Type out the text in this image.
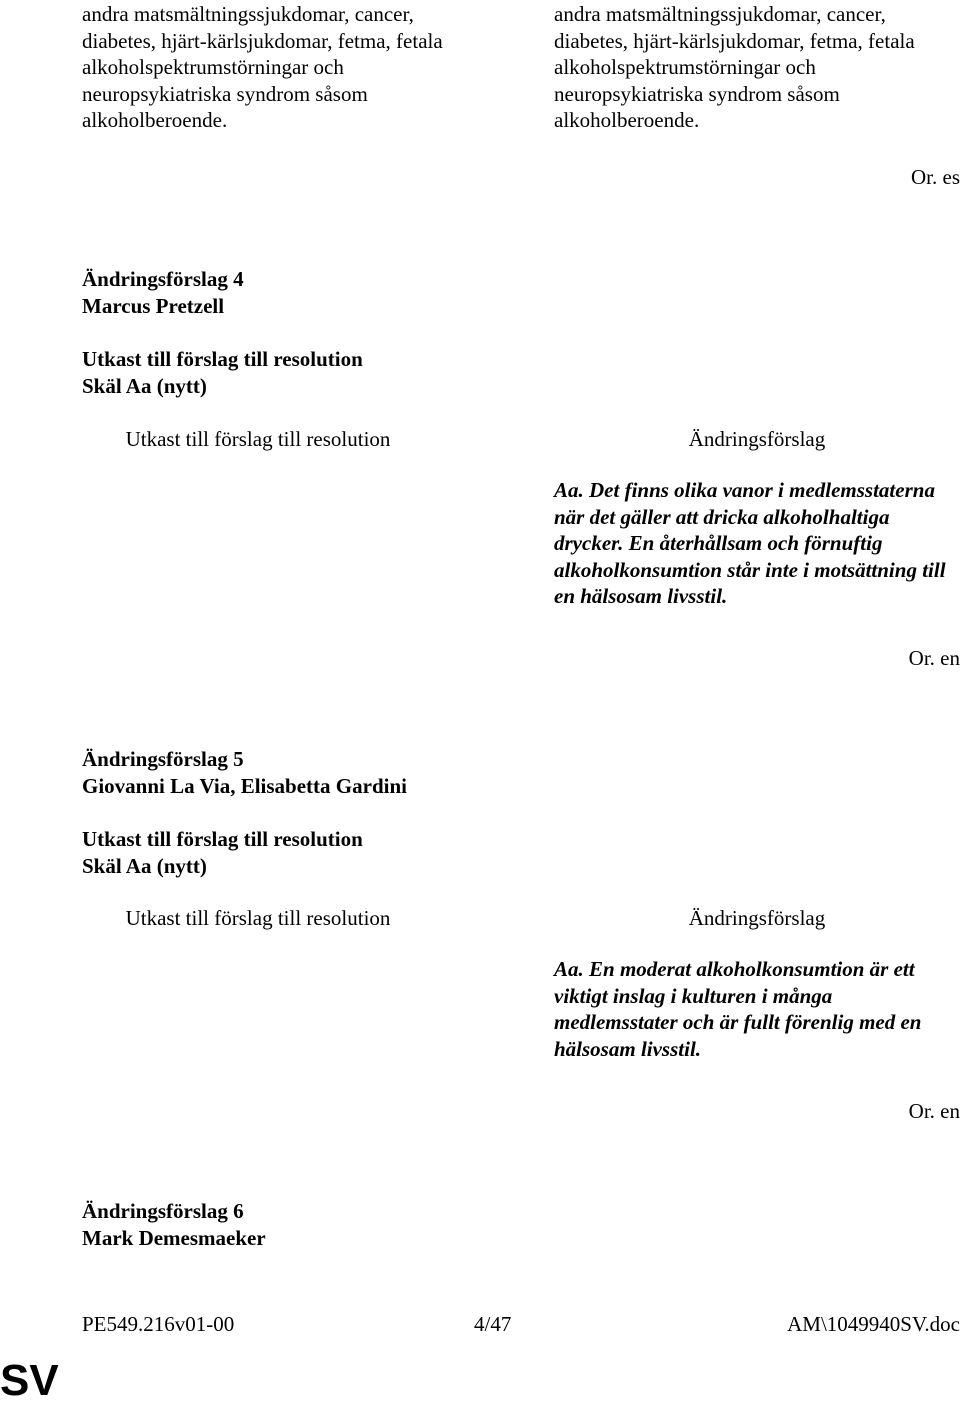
andra matsmältningssjukdomar, cancer, diabetes, hjärt-kärlsjukdomar, fetma, fetala alkoholspektrumstörningar och neuropsykiatriska syndrom såsom alkoholberoende.
andra matsmältningssjukdomar, cancer, diabetes, hjärt-kärlsjukdomar, fetma, fetala alkoholspektrumstörningar och neuropsykiatriska syndrom såsom alkoholberoende.
Or. es
Ändringsförslag 4
Marcus Pretzell
Utkast till förslag till resolution
Skäl Aa (nytt)
Utkast till förslag till resolution	Ändringsförslag
Aa. Det finns olika vanor i medlemsstaterna när det gäller att dricka alkoholhaltiga drycker. En återhållsam och förnuftig alkoholkonsumtion står inte i motsättning till en hälsosam livsstil.
Or. en
Ändringsförslag 5
Giovanni La Via, Elisabetta Gardini
Utkast till förslag till resolution
Skäl Aa (nytt)
Utkast till förslag till resolution	Ändringsförslag
Aa. En moderat alkoholkonsumtion är ett viktigt inslag i kulturen i många medlemsstater och är fullt förenlig med en hälsosam livsstil.
Or. en
Ändringsförslag 6
Mark Demesmaeker
PE549.216v01-00	4/47	AM\1049940SV.doc
SV
